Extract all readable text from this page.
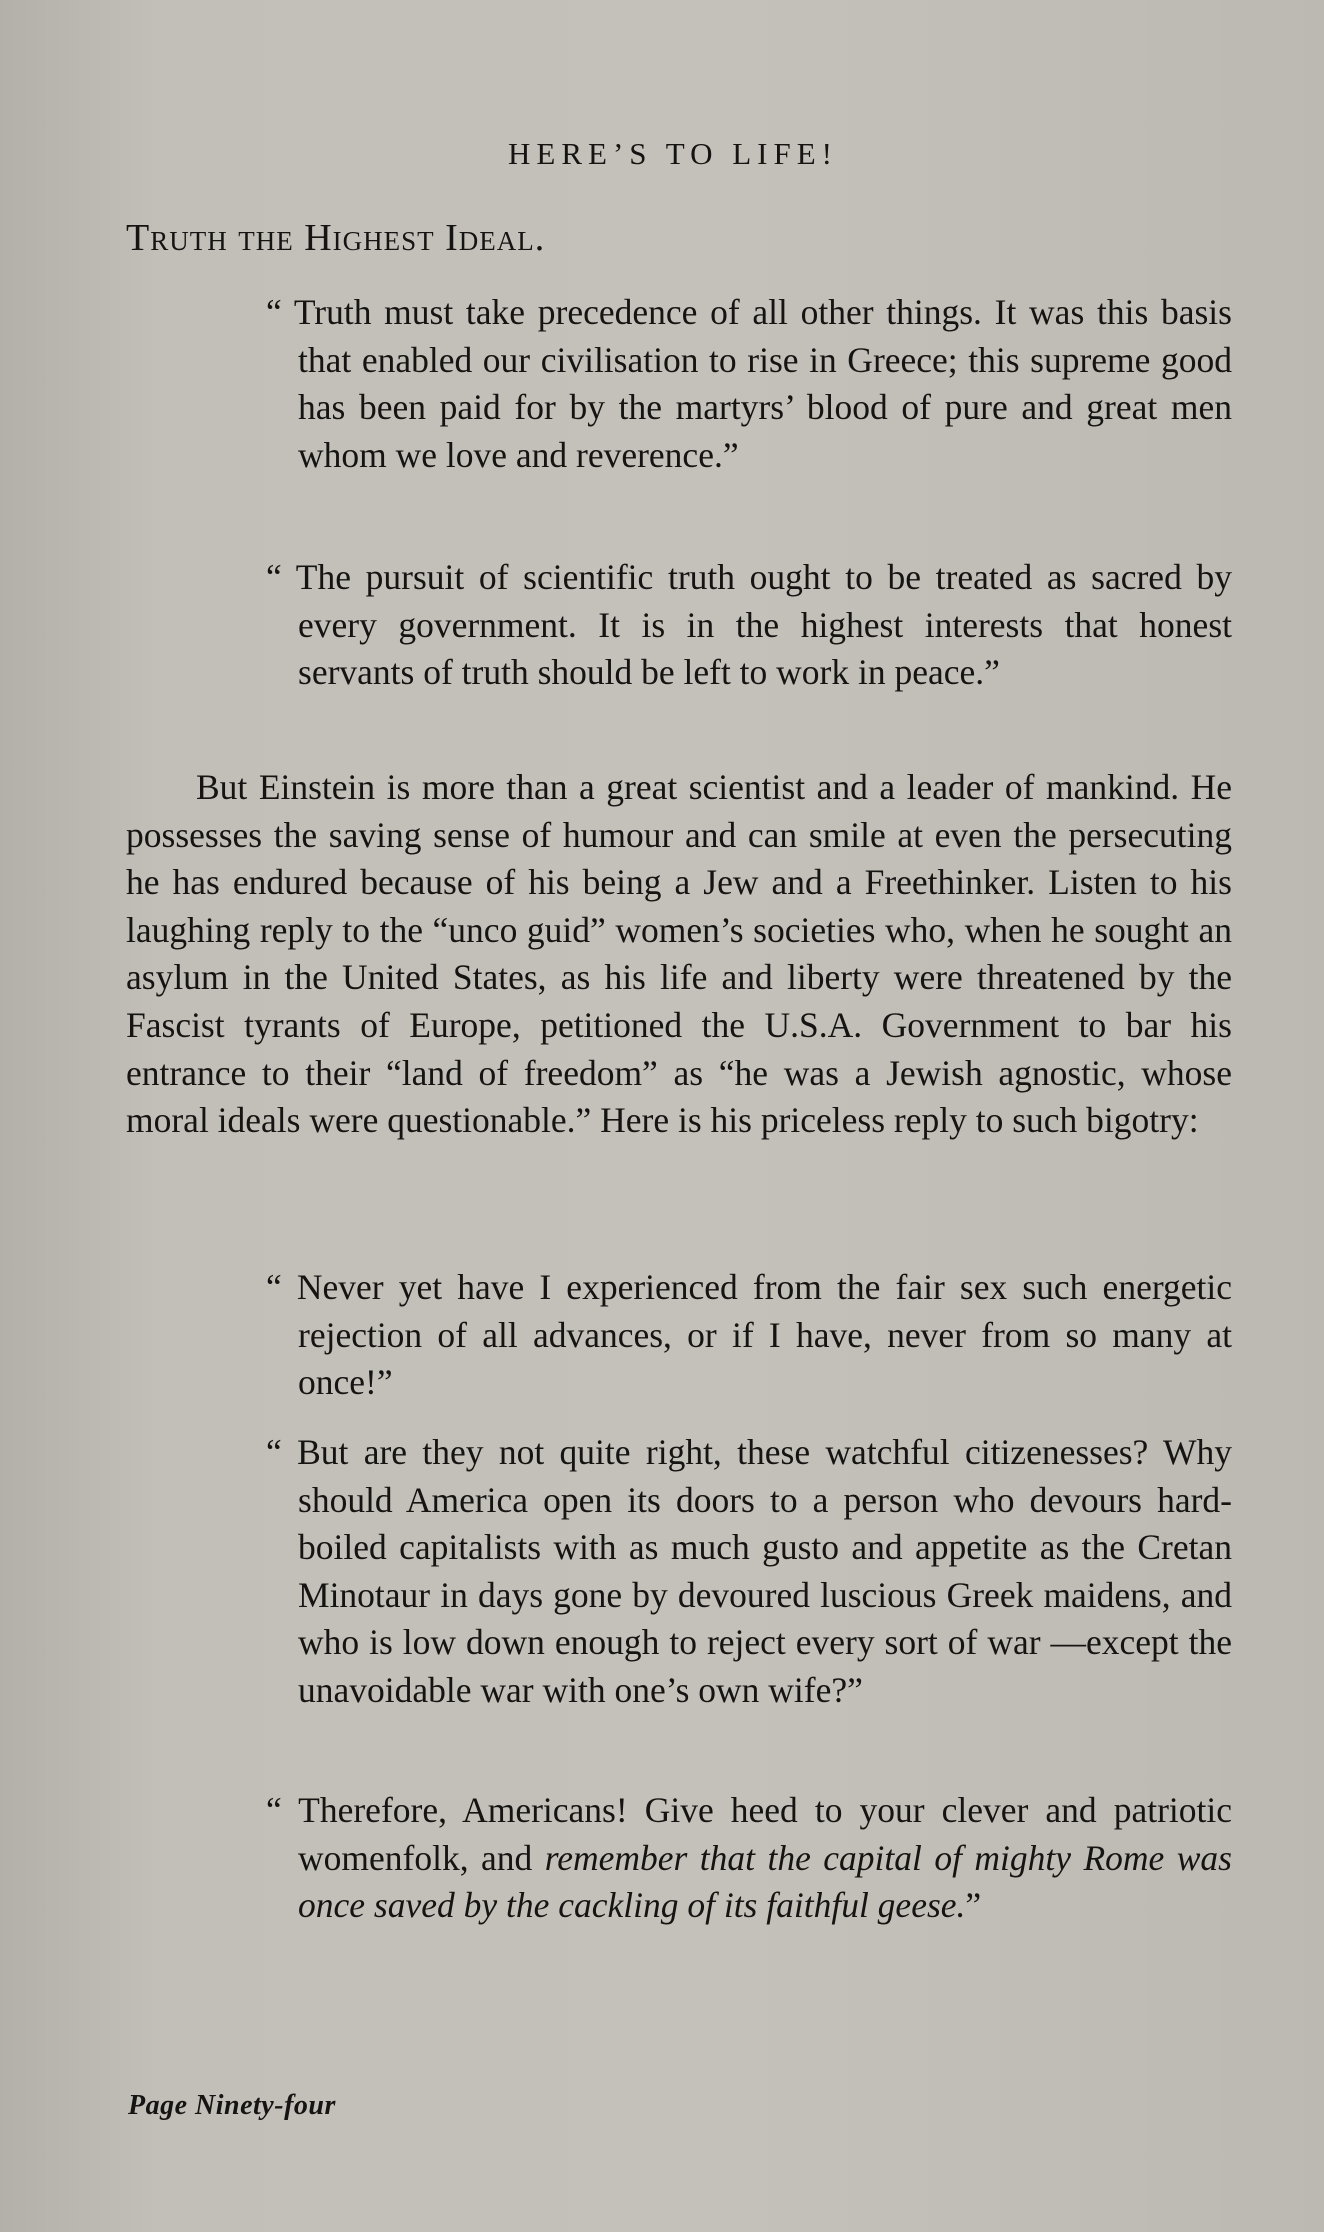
HERE’S TO LIFE!
Truth the Highest Ideal.
“ Truth must take precedence of all other things. It was this basis that enabled our civilisation to rise in Greece; this supreme good has been paid for by the martyrs’ blood of pure and great men whom we love and reverence.”
“ The pursuit of scientific truth ought to be treated as sacred by every government. It is in the highest interests that honest servants of truth should be left to work in peace.”
But Einstein is more than a great scientist and a leader of mankind. He possesses the saving sense of humour and can smile at even the persecuting he has endured because of his being a Jew and a Freethinker. Listen to his laughing reply to the “unco guid” women’s societies who, when he sought an asylum in the United States, as his life and liberty were threatened by the Fascist tyrants of Europe, petitioned the U.S.A. Government to bar his entrance to their “land of freedom” as “he was a Jewish agnostic, whose moral ideals were questionable.” Here is his priceless reply to such bigotry:
“ Never yet have I experienced from the fair sex such energetic rejection of all advances, or if I have, never from so many at once!”
“ But are they not quite right, these watchful citizenesses? Why should America open its doors to a person who devours hard-boiled capitalists with as much gusto and appetite as the Cretan Minotaur in days gone by devoured luscious Greek maidens, and who is low down enough to reject every sort of war —except the unavoidable war with one’s own wife?”
“ Therefore, Americans! Give heed to your clever and patriotic womenfolk, and remember that the capital of mighty Rome was once saved by the cackling of its faithful geese.”
Page Ninety-four
